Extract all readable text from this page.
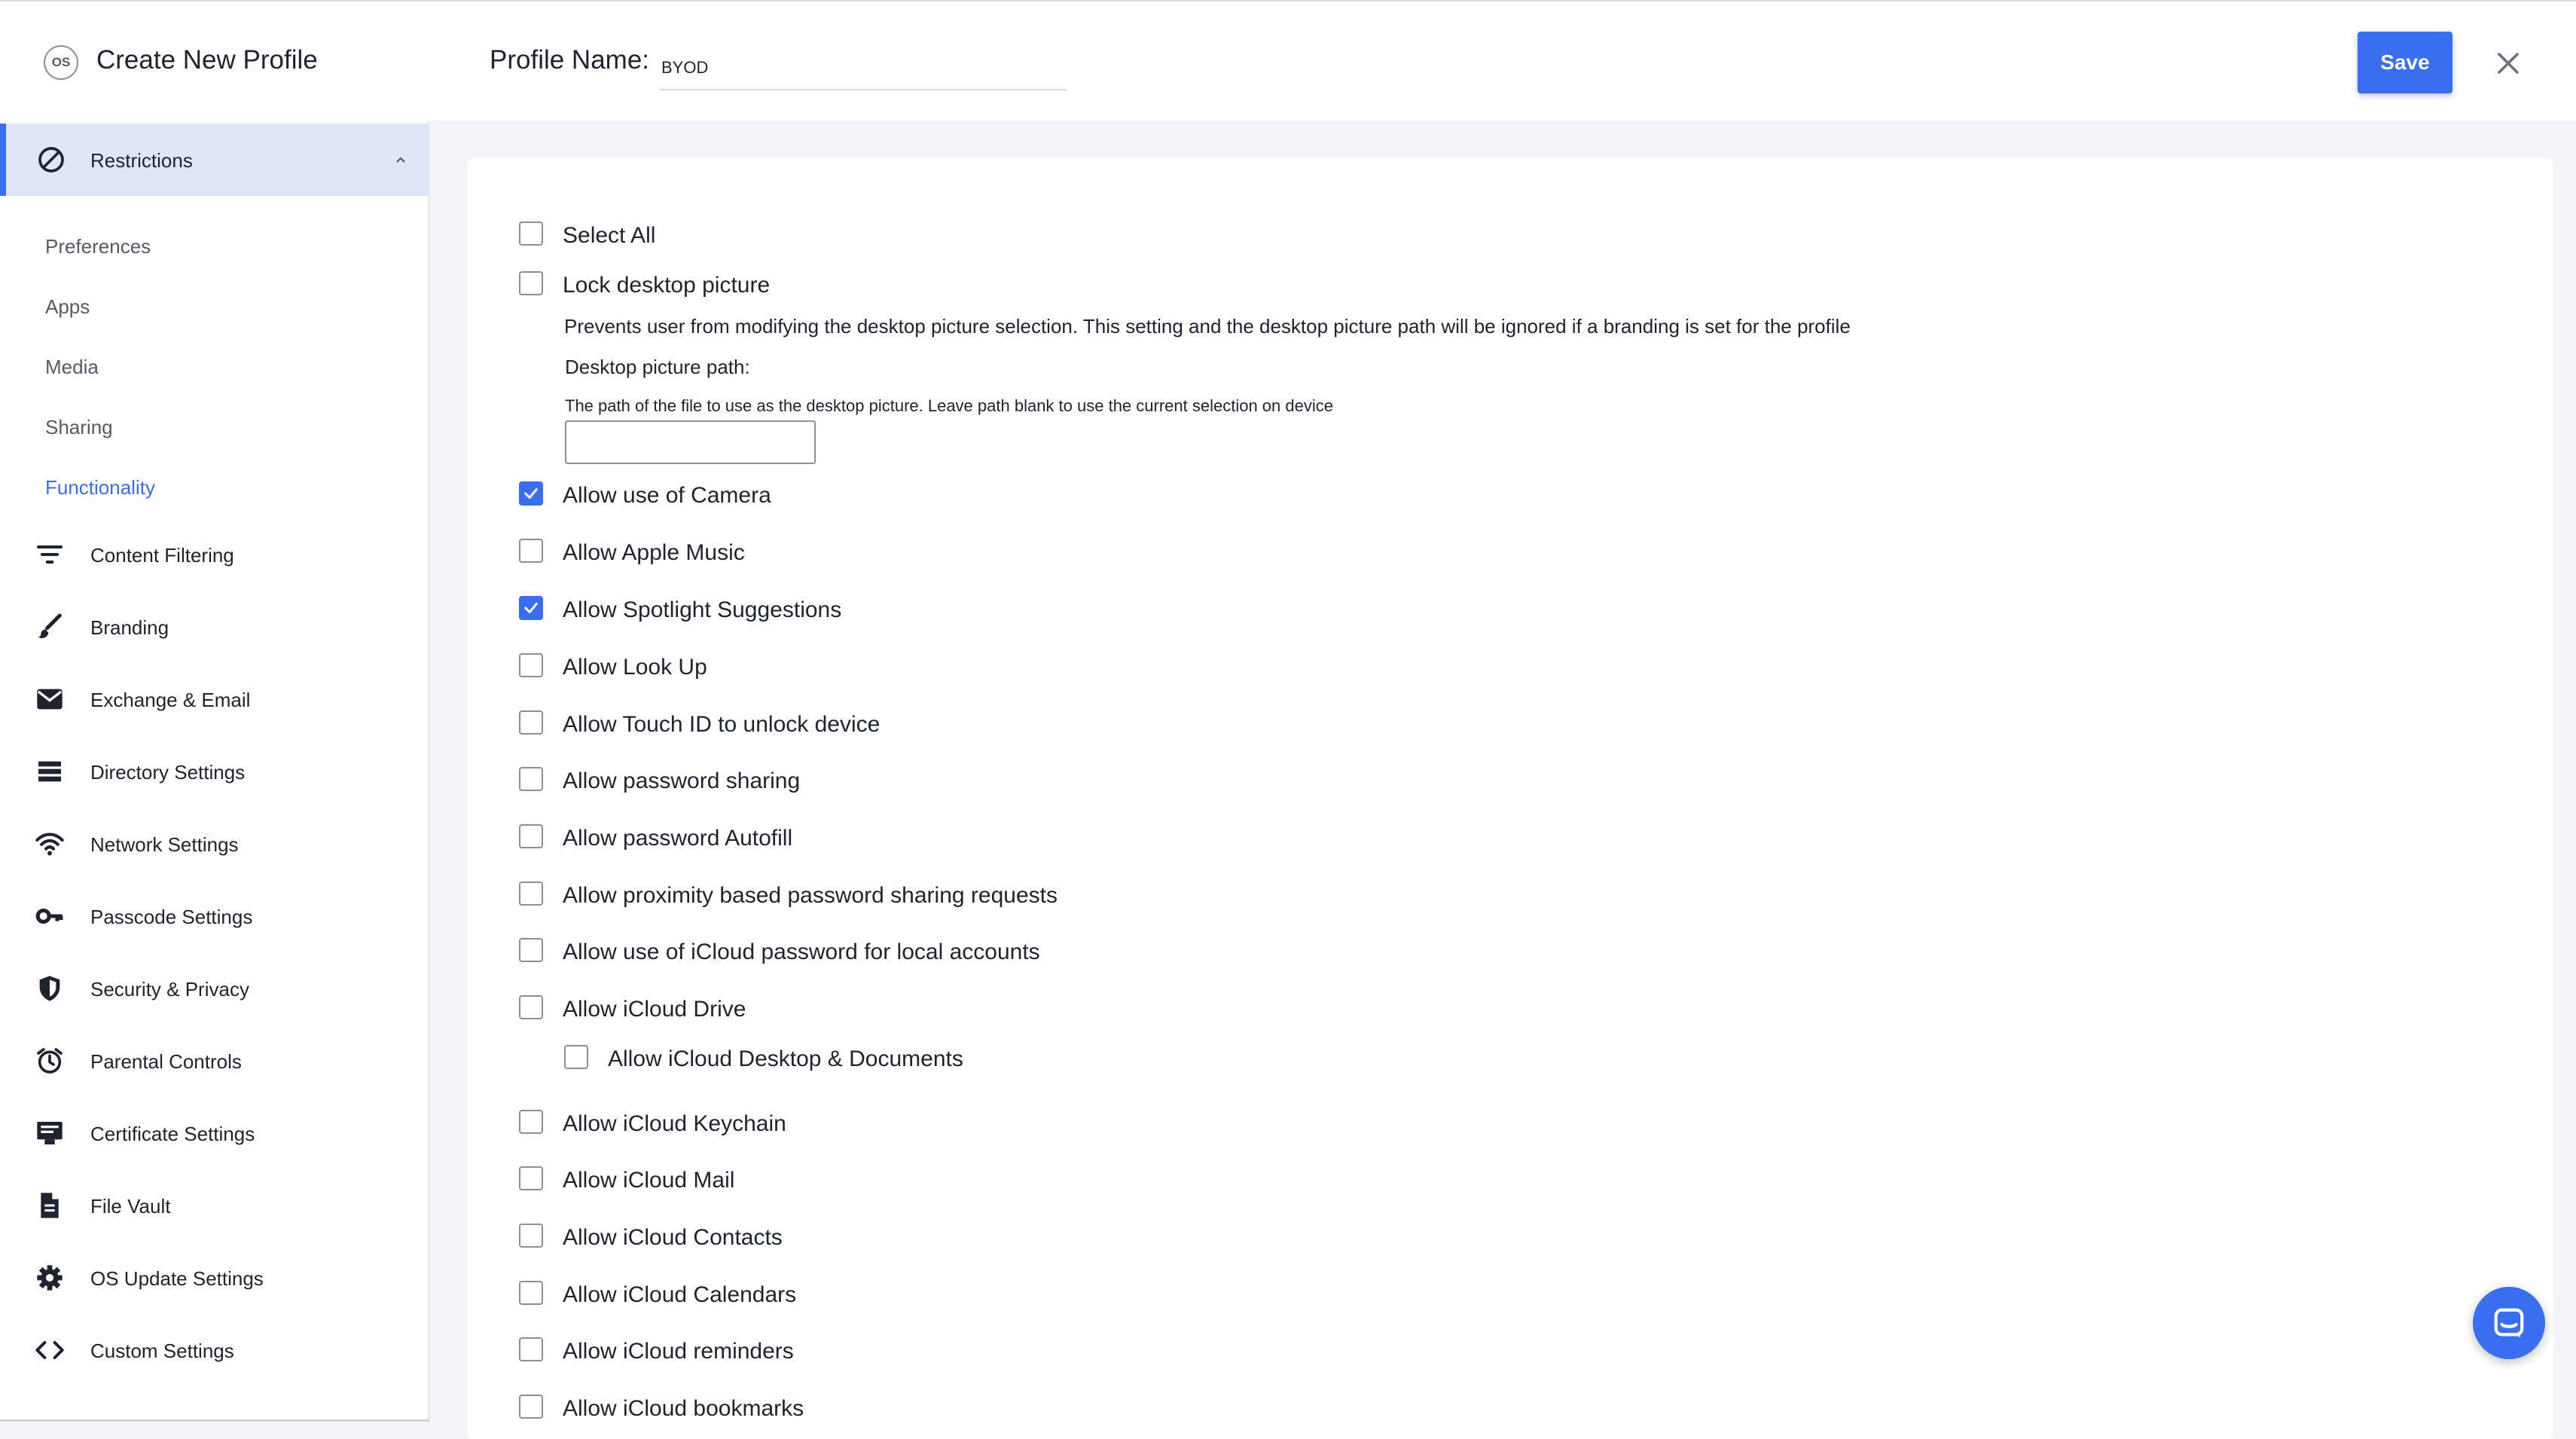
OS Create New Profile	Profile Name:
BYOD	Save
Restrictions
Preferences
Apps
Media
Sharing
Functionality
Content Filtering
Branding
Exchange & Email
Directory Settings
Network Settings
Passcode Settings
Security & Privacy
Parental Controls
Certificate Settings
File Vault
OS Update Settings
Custom Settings
Select All
Lock desktop picture
Prevents user from modifying the desktop picture selection. This setting and the desktop picture path will be ignored if a branding is set for the profile
Desktop picture path:
The path of the file to use as the desktop picture. Leave path blank to use the current selection on device
Allow use of Camera
Allow Apple Music
Allow Spotlight Suggestions
Allow Look Up
Allow Touch ID to unlock device
Allow password sharing
Allow password Autofill
Allow proximity based password sharing requests
Allow use of iCloud password for local accounts
Allow iCloud Drive
Allow iCloud Desktop & Documents
Allow iCloud Keychain
Allow iCloud Mail
Allow iCloud Contacts
Allow iCloud Calendars
Allow iCloud reminders
Allow iCloud bookmarks
